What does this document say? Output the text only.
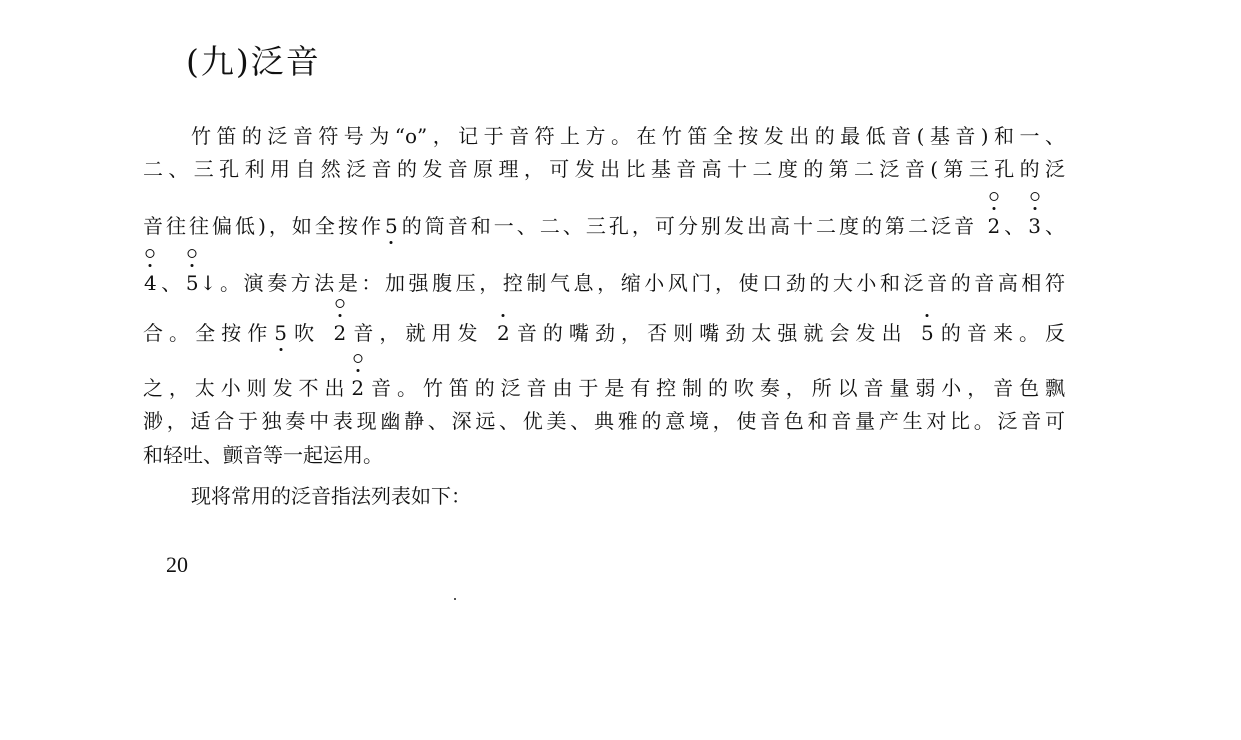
(九)泛音
竹笛的泛音符号为“o”，记于音符上方。在竹笛全按发出的最低音(基音)和一、
二、三孔利用自然泛音的发音原理，可发出比基音高十二度的第二泛音(第三孔的泛
音往往偏低)，如全按作5
的筒音和一、二、三孔，可分别发出高十二度的第二泛音 2、
3、
4、
5↓。演奏方法是：加强腹压，控制气息，缩小风门，使口劲的大小和泛音的音高相符
合。全按作5
吹 2音，就用发 2音的嘴劲，否则嘴劲太强就会发出 5的音来。反
之，太小则发不出
2音。竹笛的泛音由于是有控制的吹奏，所以音量弱小，音色飘
渺，适合于独奏中表现幽静、深远、优美、典雅的意境，使音色和音量产生对比。泛音可
和轻吐、颤音等一起运用。
现将常用的泛音指法列表如下：
20
